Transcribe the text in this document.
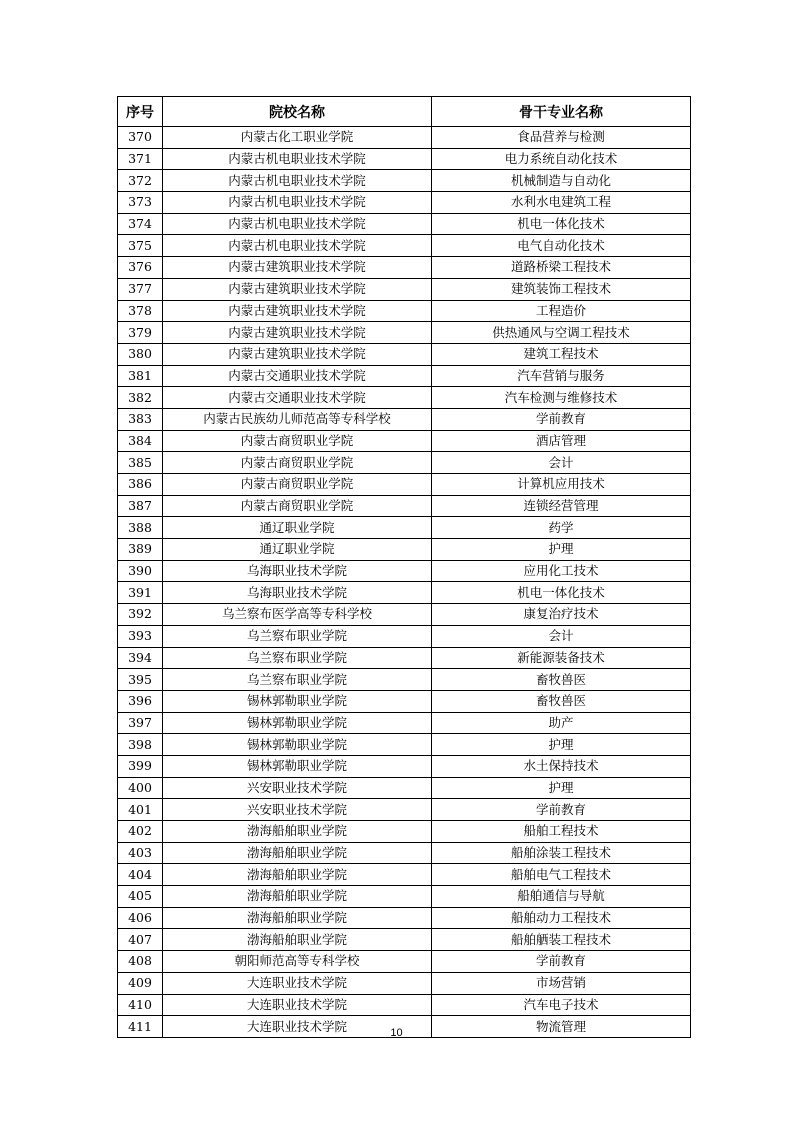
序号	院校名称	骨干专业名称
370	内蒙古化工职业学院	食品营养与检测
371	内蒙古机电职业技术学院	电力系统自动化技术
372	内蒙古机电职业技术学院	机械制造与自动化
373	内蒙古机电职业技术学院	水利水电建筑工程
374	内蒙古机电职业技术学院	机电一体化技术
375	内蒙古机电职业技术学院	电气自动化技术
376	内蒙古建筑职业技术学院	道路桥梁工程技术
377	内蒙古建筑职业技术学院	建筑装饰工程技术
378	内蒙古建筑职业技术学院	工程造价
379	内蒙古建筑职业技术学院	供热通风与空调工程技术
380	内蒙古建筑职业技术学院	建筑工程技术
381	内蒙古交通职业技术学院	汽车营销与服务
382	内蒙古交通职业技术学院	汽车检测与维修技术
383	内蒙古民族幼儿师范高等专科学校	学前教育
384	内蒙古商贸职业学院	酒店管理
385	内蒙古商贸职业学院	会计
386	内蒙古商贸职业学院	计算机应用技术
387	内蒙古商贸职业学院	连锁经营管理
388	通辽职业学院	药学
389	通辽职业学院	护理
390	乌海职业技术学院	应用化工技术
391	乌海职业技术学院	机电一体化技术
392	乌兰察布医学高等专科学校	康复治疗技术
393	乌兰察布职业学院	会计
394	乌兰察布职业学院	新能源装备技术
395	乌兰察布职业学院	畜牧兽医
396	锡林郭勒职业学院	畜牧兽医
397	锡林郭勒职业学院	助产
398	锡林郭勒职业学院	护理
399	锡林郭勒职业学院	水土保持技术
400	兴安职业技术学院	护理
401	兴安职业技术学院	学前教育
402	渤海船舶职业学院	船舶工程技术
403	渤海船舶职业学院	船舶涂装工程技术
404	渤海船舶职业学院	船舶电气工程技术
405	渤海船舶职业学院	船舶通信与导航
406	渤海船舶职业学院	船舶动力工程技术
407	渤海船舶职业学院	船舶舾装工程技术
408	朝阳师范高等专科学校	学前教育
409	大连职业技术学院	市场营销
410	大连职业技术学院	汽车电子技术
411	大连职业技术学院	物流管理
10
